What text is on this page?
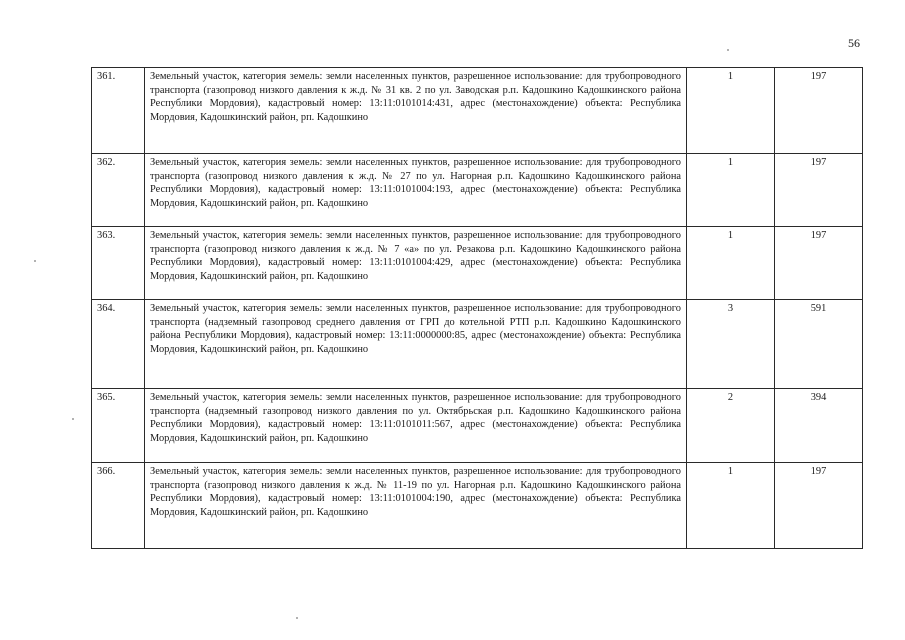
56
361.	Земельный участок, категория земель: земли населенных пунктов, разрешенное использование: для трубопроводного транспорта (газопровод низкого давления к ж.д. № 31 кв. 2 по ул. Заводская р.п. Кадошкино Кадошкинского района Республики Мордовия), кадастровый номер: 13:11:0101014:431, адрес (местонахождение) объекта: Республика Мордовия, Кадошкинский район, рп. Кадошкино	1	197
362.	Земельный участок, категория земель: земли населенных пунктов, разрешенное использование: для трубопроводного транспорта (газопровод низкого давления к ж.д. № 27 по ул. Нагорная р.п. Кадошкино Кадошкинского района Республики Мордовия), кадастровый номер: 13:11:0101004:193, адрес (местонахождение) объекта: Республика Мордовия, Кадошкинский район, рп. Кадошкино	1	197
363.	Земельный участок, категория земель: земли населенных пунктов, разрешенное использование: для трубопроводного транспорта (газопровод низкого давления к ж.д. № 7 «а» по ул. Резакова р.п. Кадошкино Кадошкинского района Республики Мордовия), кадастровый номер: 13:11:0101004:429, адрес (местонахождение) объекта: Республика Мордовия, Кадошкинский район, рп. Кадошкино	1	197
364.	Земельный участок, категория земель: земли населенных пунктов, разрешенное использование: для трубопроводного транспорта (надземный газопровод среднего давления от ГРП до котельной РТП р.п. Кадошкино Кадошкинского района Республики Мордовия), кадастровый номер: 13:11:0000000:85, адрес (местонахождение) объекта: Республика Мордовия, Кадошкинский район, рп. Кадошкино	3	591
365.	Земельный участок, категория земель: земли населенных пунктов, разрешенное использование: для трубопроводного транспорта (надземный газопровод низкого давления по ул. Октябрьская р.п. Кадошкино Кадошкинского района Республики Мордовия), кадастровый номер: 13:11:0101011:567, адрес (местонахождение) объекта: Республика Мордовия, Кадошкинский район, рп. Кадошкино	2	394
366.	Земельный участок, категория земель: земли населенных пунктов, разрешенное использование: для трубопроводного транспорта (газопровод низкого давления к ж.д. № 11-19 по ул. Нагорная р.п. Кадошкино Кадошкинского района Республики Мордовия), кадастровый номер: 13:11:0101004:190, адрес (местонахождение) объекта: Республика Мордовия, Кадошкинский район, рп. Кадошкино	1	197
